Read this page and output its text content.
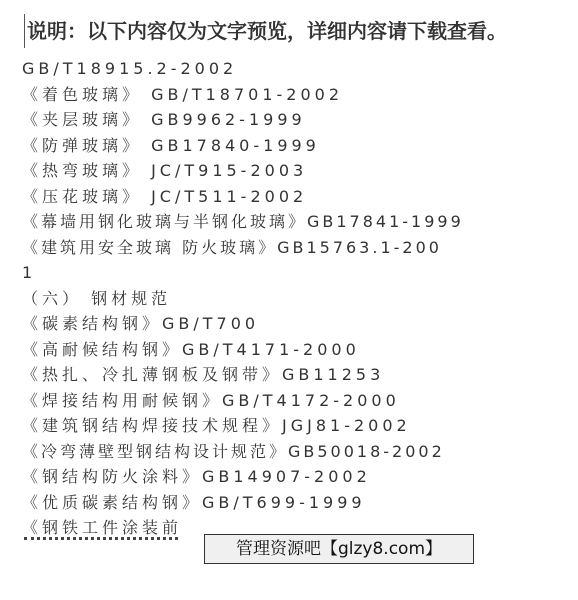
说明：以下内容仅为文字预览，详细内容请下载查看。
GB/T18915.2-2002
《着色玻璃》 GB/T18701-2002
《夹层玻璃》 GB9962-1999
《防弹玻璃》 GB17840-1999
《热弯玻璃》 JC/T915-2003
《压花玻璃》 JC/T511-2002
《幕墙用钢化玻璃与半钢化玻璃》GB17841-1999
《建筑用安全玻璃 防火玻璃》GB15763.1-200
1
（六） 钢材规范
《碳素结构钢》GB/T700
《高耐候结构钢》GB/T4171-2000
《热扎、冷扎薄钢板及钢带》GB11253
《焊接结构用耐候钢》GB/T4172-2000
《建筑钢结构焊接技术规程》JGJ81-2002
《冷弯薄壁型钢结构设计规范》GB50018-2002
《钢结构防火涂料》GB14907-2002
《优质碳素结构钢》GB/T699-1999
《钢铁工件涂装前
管理资源吧【glzy8.com】
